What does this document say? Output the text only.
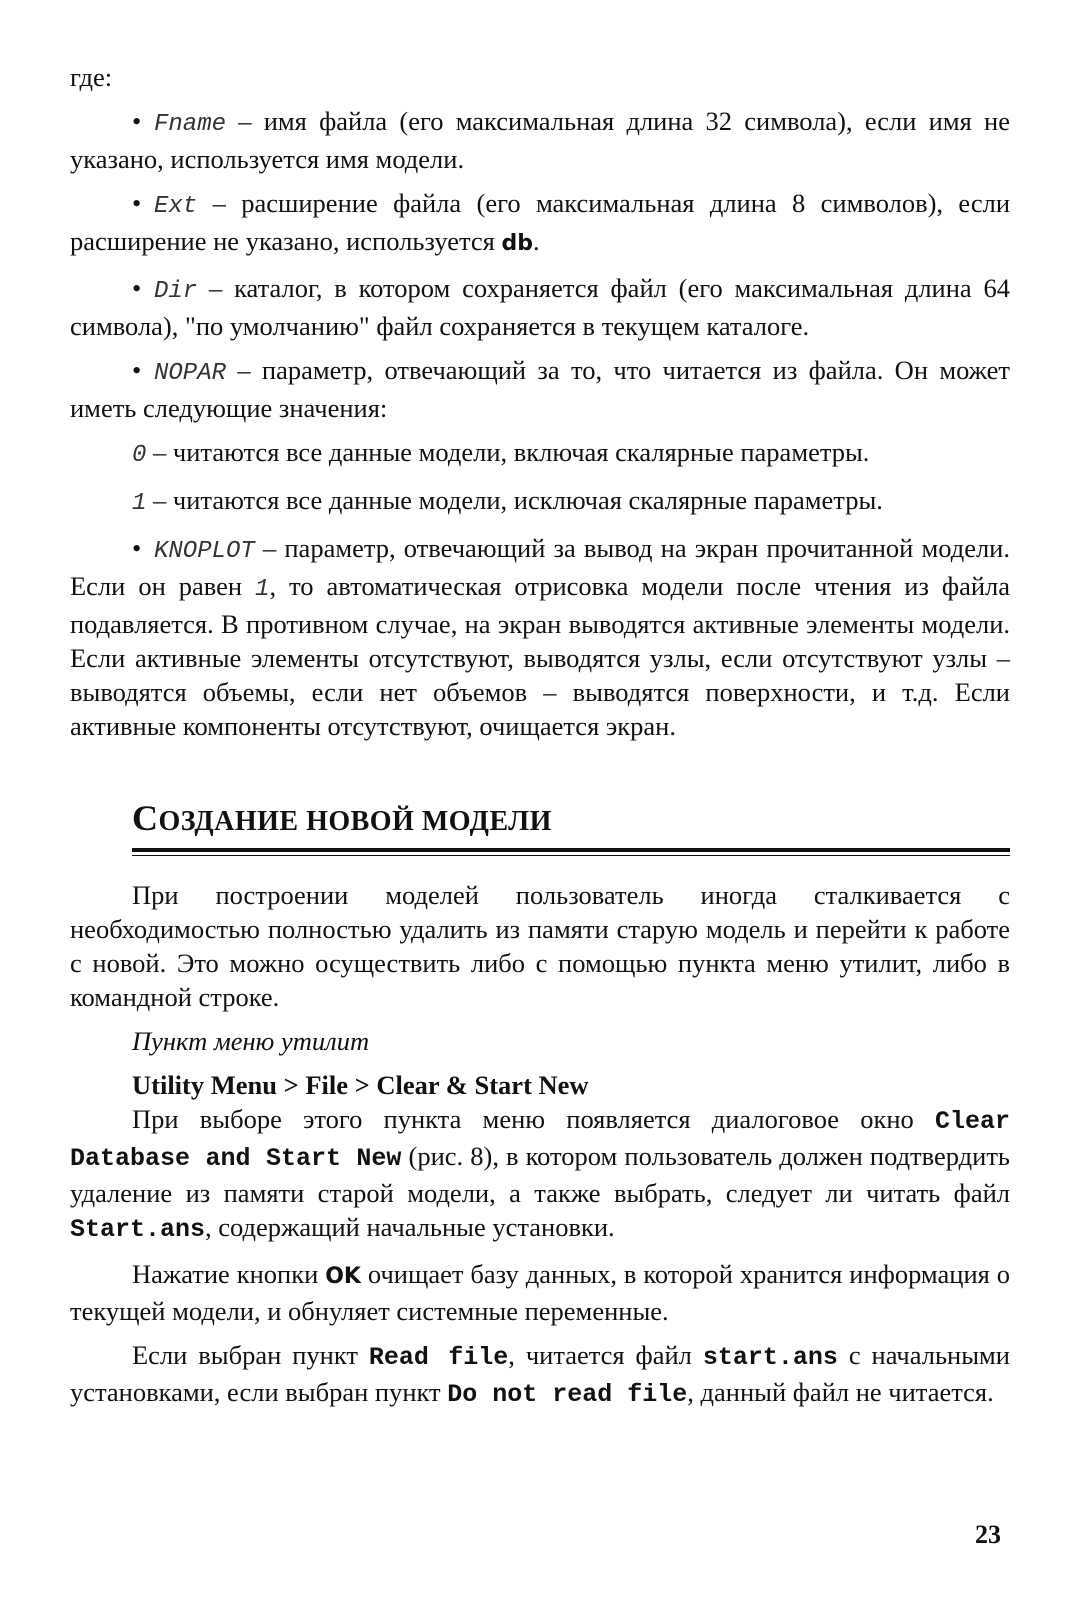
где:

• Fname – имя файла (его максимальная длина 32 символа), если имя не указано, используется имя модели.

• Ext – расширение файла (его максимальная длина 8 символов), если расширение не указано, используется db.

• Dir – каталог, в котором сохраняется файл (его максимальная длина 64 символа), "по умолчанию" файл сохраняется в текущем каталоге.

• NOPAR – параметр, отвечающий за то, что читается из файла. Он может иметь следующие значения:

0 – читаются все данные модели, включая скалярные параметры.

1 – читаются все данные модели, исключая скалярные параметры.

• KNOPLOT – параметр, отвечающий за вывод на экран прочитанной модели. Если он равен 1, то автоматическая отрисовка модели после чтения из файла подавляется. В противном случае, на экран выводятся активные элементы модели. Если активные элементы отсутствуют, выводятся узлы, если отсутствуют узлы – выводятся объемы, если нет объемов – выводятся поверхности, и т.д. Если активные компоненты отсутствуют, очищается экран.

СОЗДАНИЕ НОВОЙ МОДЕЛИ

При построении моделей пользователь иногда сталкивается с необходимостью полностью удалить из памяти старую модель и перейти к работе с новой. Это можно осуществить либо с помощью пункта меню утилит, либо в командной строке.

Пункт меню утилит

Utility Menu > File > Clear & Start New

При выборе этого пункта меню появляется диалоговое окно Clear Database and Start New (рис. 8), в котором пользователь должен подтвердить удаление из памяти старой модели, а также выбрать, следует ли читать файл Start.ans, содержащий начальные установки.

Нажатие кнопки OK очищает базу данных, в которой хранится информация о текущей модели, и обнуляет системные переменные.

Если выбран пункт Read file, читается файл start.ans с начальными установками, если выбран пункт Do not read file, данный файл не читается.

23
